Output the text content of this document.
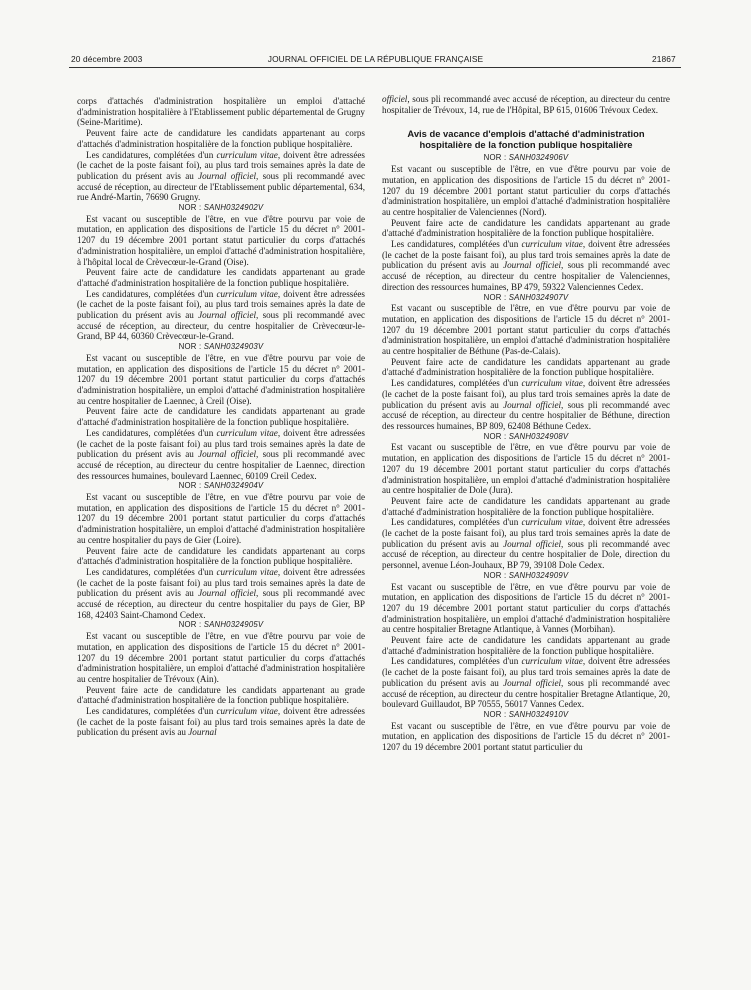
20 décembre 2003	JOURNAL OFFICIEL DE LA RÉPUBLIQUE FRANÇAISE	21867

corps d'attachés d'administration hospitalière un emploi d'attaché d'administration hospitalière à l'Etablissement public départemental de Grugny (Seine-Maritime).

Peuvent faire acte de candidature les candidats appartenant au corps d'attachés d'administration hospitalière de la fonction publique hospitalière.

Les candidatures, complétées d'un curriculum vitae, doivent être adressées (le cachet de la poste faisant foi), au plus tard trois semaines après la date de publication du présent avis au Journal officiel, sous pli recommandé avec accusé de réception, au directeur de l'Etablissement public départemental, 634, rue André-Martin, 76690 Grugny.

NOR : SANH0324902V

Est vacant ou susceptible de l'être, en vue d'être pourvu par voie de mutation, en application des dispositions de l'article 15 du décret n° 2001-1207 du 19 décembre 2001 portant statut particulier du corps d'attachés d'administration hospitalière, un emploi d'attaché d'administration hospitalière, à l'hôpital local de Crèvecœur-le-Grand (Oise).

Peuvent faire acte de candidature les candidats appartenant au grade d'attaché d'administration hospitalière de la fonction publique hospitalière.

Les candidatures, complétées d'un curriculum vitae, doivent être adressées (le cachet de la poste faisant foi), au plus tard trois semaines après la date de publication du présent avis au Journal officiel, sous pli recommandé avec accusé de réception, au directeur, du centre hospitalier de Crèvecœur-le-Grand, BP 44, 60360 Crèvecœur-le-Grand.

NOR : SANH0324903V

Est vacant ou susceptible de l'être, en vue d'être pourvu par voie de mutation, en application des dispositions de l'article 15 du décret n° 2001-1207 du 19 décembre 2001 portant statut particulier du corps d'attachés d'administration hospitalière, un emploi d'attaché d'administration hospitalière au centre hospitalier de Laennec, à Creil (Oise).

Peuvent faire acte de candidature les candidats appartenant au grade d'attaché d'administration hospitalière de la fonction publique hospitalière.

Les candidatures, complétées d'un curriculum vitae, doivent être adressées (le cachet de la poste faisant foi) au plus tard trois semaines après la date de publication du présent avis au Journal officiel, sous pli recommandé avec accusé de réception, au directeur du centre hospitalier de Laennec, direction des ressources humaines, boulevard Laennec, 60109 Creil Cedex.

NOR : SANH0324904V

Est vacant ou susceptible de l'être, en vue d'être pourvu par voie de mutation, en application des dispositions de l'article 15 du décret n° 2001-1207 du 19 décembre 2001 portant statut particulier du corps d'attachés d'administration hospitalière, un emploi d'attaché d'administration hospitalière au centre hospitalier du pays de Gier (Loire).

Peuvent faire acte de candidature les candidats appartenant au corps d'attachés d'administration hospitalière de la fonction publique hospitalière.

Les candidatures, complétées d'un curriculum vitae, doivent être adressées (le cachet de la poste faisant foi) au plus tard trois semaines après la date de publication du présent avis au Journal officiel, sous pli recommandé avec accusé de réception, au directeur du centre hospitalier du pays de Gier, BP 168, 42403 Saint-Chamond Cedex.

NOR : SANH0324905V

Est vacant ou susceptible de l'être, en vue d'être pourvu par voie de mutation, en application des dispositions de l'article 15 du décret n° 2001-1207 du 19 décembre 2001 portant statut particulier du corps d'attachés d'administration hospitalière, un emploi d'attaché d'administration hospitalière au centre hospitalier de Trévoux (Ain).

Peuvent faire acte de candidature les candidats appartenant au grade d'attaché d'administration hospitalière de la fonction publique hospitalière.

Les candidatures, complétées d'un curriculum vitae, doivent être adressées (le cachet de la poste faisant foi) au plus tard trois semaines après la date de publication du présent avis au Journal

officiel, sous pli recommandé avec accusé de réception, au directeur du centre hospitalier de Trévoux, 14, rue de l'Hôpital, BP 615, 01606 Trévoux Cedex.

Avis de vacance d'emplois d'attaché d'administration
hospitalière de la fonction publique hospitalière

NOR : SANH0324906V

Est vacant ou susceptible de l'être, en vue d'être pourvu par voie de mutation, en application des dispositions de l'article 15 du décret n° 2001-1207 du 19 décembre 2001 portant statut particulier du corps d'attachés d'administration hospitalière, un emploi d'attaché d'administration hospitalière au centre hospitalier de Valenciennes (Nord).

Peuvent faire acte de candidature les candidats appartenant au grade d'attaché d'administration hospitalière de la fonction publique hospitalière.

Les candidatures, complétées d'un curriculum vitae, doivent être adressées (le cachet de la poste faisant foi), au plus tard trois semaines après la date de publication du présent avis au Journal officiel, sous pli recommandé avec accusé de réception, au directeur du centre hospitalier de Valenciennes, direction des ressources humaines, BP 479, 59322 Valenciennes Cedex.

NOR : SANH0324907V

Est vacant ou susceptible de l'être, en vue d'être pourvu par voie de mutation, en application des dispositions de l'article 15 du décret n° 2001-1207 du 19 décembre 2001 portant statut particulier du corps d'attachés d'administration hospitalière, un emploi d'attaché d'administration hospitalière au centre hospitalier de Béthune (Pas-de-Calais).

Peuvent faire acte de candidature les candidats appartenant au grade d'attaché d'administration hospitalière de la fonction publique hospitalière.

Les candidatures, complétées d'un curriculum vitae, doivent être adressées (le cachet de la poste faisant foi), au plus tard trois semaines après la date de publication du présent avis au Journal officiel, sous pli recommandé avec accusé de réception, au directeur du centre hospitalier de Béthune, direction des ressources humaines, BP 809, 62408 Béthune Cedex.

NOR : SANH0324908V

Est vacant ou susceptible de l'être, en vue d'être pourvu par voie de mutation, en application des dispositions de l'article 15 du décret n° 2001-1207 du 19 décembre 2001 portant statut particulier du corps d'attachés d'administration hospitalière, un emploi d'attaché d'administration hospitalière au centre hospitalier de Dole (Jura).

Peuvent faire acte de candidature les candidats appartenant au grade d'attaché d'administration hospitalière de la fonction publique hospitalière.

Les candidatures, complétées d'un curriculum vitae, doivent être adressées (le cachet de la poste faisant foi), au plus tard trois semaines après la date de publication du présent avis au Journal officiel, sous pli recommandé avec accusé de réception, au directeur du centre hospitalier de Dole, direction du personnel, avenue Léon-Jouhaux, BP 79, 39108 Dole Cedex.

NOR : SANH0324909V

Est vacant ou susceptible de l'être, en vue d'être pourvu par voie de mutation, en application des dispositions de l'article 15 du décret n° 2001-1207 du 19 décembre 2001 portant statut particulier du corps d'attachés d'administration hospitalière, un emploi d'attaché d'administration hospitalière au centre hospitalier Bretagne Atlantique, à Vannes (Morbihan).

Peuvent faire acte de candidature les candidats appartenant au grade d'attaché d'administration hospitalière de la fonction publique hospitalière.

Les candidatures, complétées d'un curriculum vitae, doivent être adressées (le cachet de la poste faisant foi), au plus tard trois semaines après la date de publication du présent avis au Journal officiel, sous pli recommandé avec accusé de réception, au directeur du centre hospitalier Bretagne Atlantique, 20, boulevard Guillaudot, BP 70555, 56017 Vannes Cedex.

NOR : SANH0324910V

Est vacant ou susceptible de l'être, en vue d'être pourvu par voie de mutation, en application des dispositions de l'article 15 du décret n° 2001-1207 du 19 décembre 2001 portant statut particulier du
